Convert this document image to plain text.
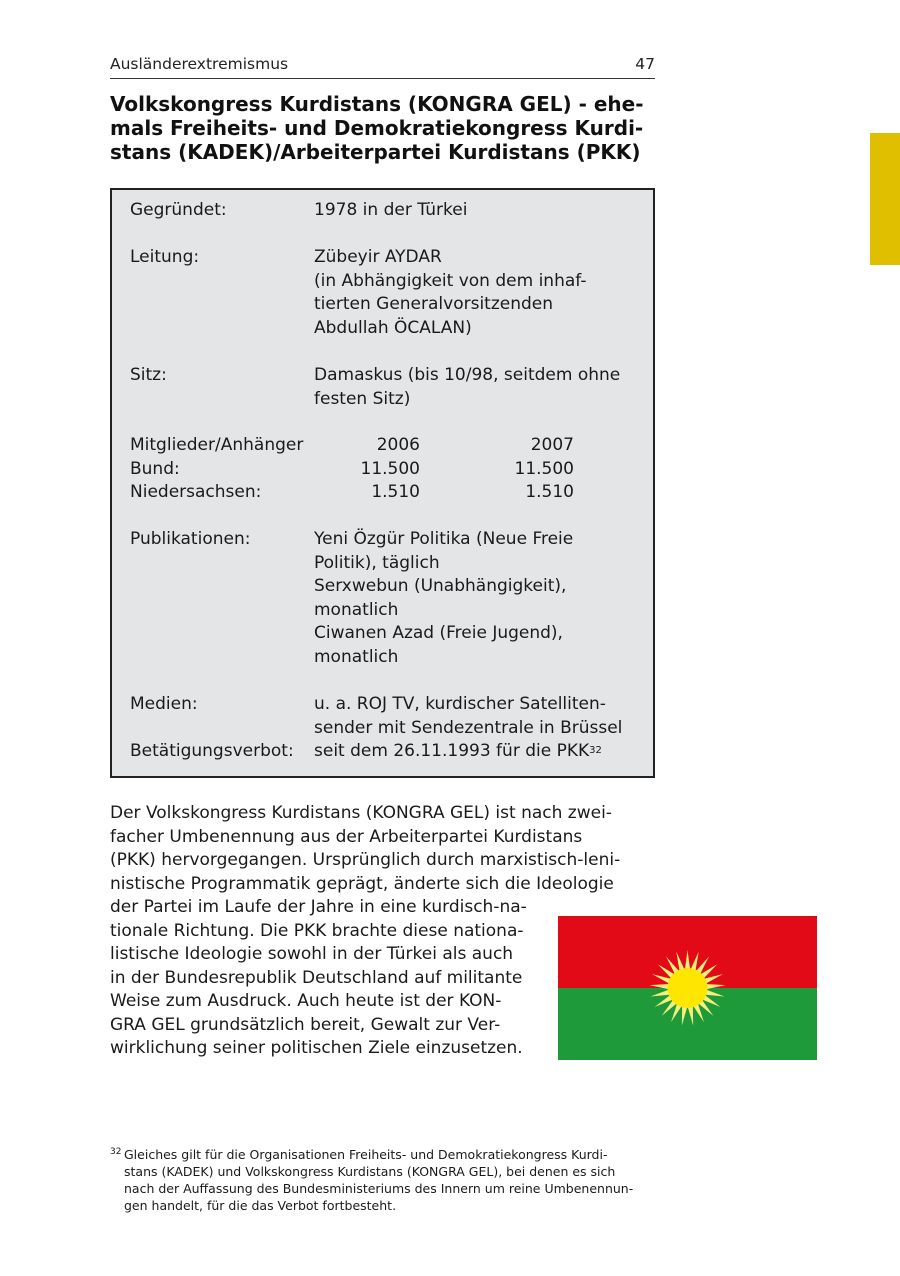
Ausländerextremismus	47
Volkskongress Kurdistans (KONGRA GEL) - ehe-
mals Freiheits- und Demokratiekongress Kurdi-
stans (KADEK)/Arbeiterpartei Kurdistans (PKK)
Gegründet:	1978 in der Türkei
Leitung:	Zübeyir AYDAR
(in Abhängigkeit von dem inhaf-
tierten Generalvorsitzenden
Abdullah ÖCALAN)
Sitz:	Damaskus (bis 10/98, seitdem ohne
festen Sitz)
Mitglieder/Anhänger	2006	2007
Bund:	11.500	11.500
Niedersachsen:	1.510	1.510
Publikationen:	Yeni Özgür Politika (Neue Freie
Politik), täglich
Serxwebun (Unabhängigkeit),
monatlich
Ciwanen Azad (Freie Jugend),
monatlich
Medien:	u. a. ROJ TV, kurdischer Satelliten-
sender mit Sendezentrale in Brüssel
Betätigungsverbot: seit dem 26.11.1993 für die PKK$^{32}$
Der Volkskongress Kurdistans (KONGRA GEL) ist nach zwei-
facher Umbenennung aus der Arbeiterpartei Kurdistans
(PKK) hervorgegangen. Ursprünglich durch marxistisch-leni-
nistische Programmatik geprägt, änderte sich die Ideologie
der Partei im Laufe der Jahre in eine kurdisch-na-
tionale Richtung. Die PKK brachte diese nationa-
listische Ideologie sowohl in der Türkei als auch
in der Bundesrepublik Deutschland auf militante
Weise zum Ausdruck. Auch heute ist der KON-
GRA GEL grundsätzlich bereit, Gewalt zur Ver-
wirklichung seiner politischen Ziele einzusetzen.
32 Gleiches gilt für die Organisationen Freiheits- und Demokratiekongress Kurdi-
stans (KADEK) und Volkskongress Kurdistans (KONGRA GEL), bei denen es sich
nach der Auffassung des Bundesministeriums des Innern um reine Umbenennun-
gen handelt, für die das Verbot fortbesteht.
